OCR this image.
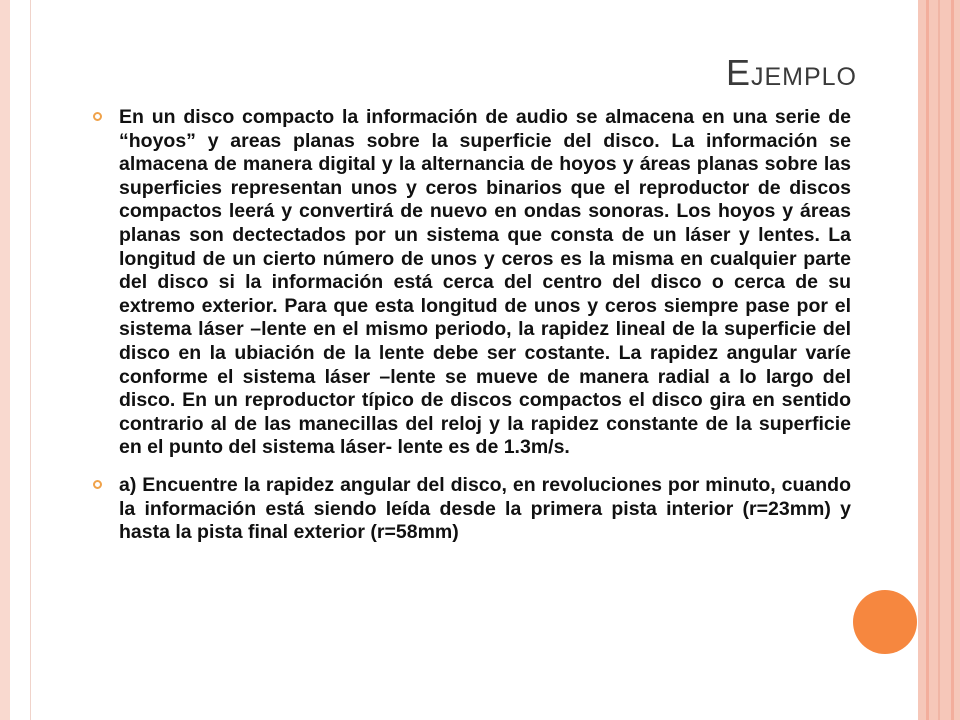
Ejemplo
En un disco compacto la información de audio se almacena en una serie de “hoyos” y areas planas sobre la superficie del disco. La información se almacena de manera digital y la alternancia de hoyos y áreas planas sobre las superficies representan unos y ceros binarios que el reproductor de discos compactos leerá y convertirá de nuevo en ondas sonoras. Los hoyos y áreas planas son dectectados por un sistema que consta de un láser y lentes. La longitud de un cierto número de unos y ceros es la misma en cualquier parte del disco si la información está cerca del centro del disco o cerca de su extremo exterior. Para que esta longitud de unos y ceros siempre pase por el sistema láser –lente en el mismo periodo, la rapidez lineal de la superficie del disco en la ubiación de la lente debe ser costante. La rapidez angular varíe conforme el sistema láser –lente se mueve de manera radial a lo largo del disco. En un reproductor típico de discos compactos el disco gira en sentido contrario al de las manecillas del reloj y la rapidez constante de la superficie en el punto del sistema láser- lente es de 1.3m/s.
a) Encuentre la rapidez angular del disco, en revoluciones por minuto, cuando la información está siendo leída desde la primera pista interior (r=23mm) y hasta la pista final exterior (r=58mm)
